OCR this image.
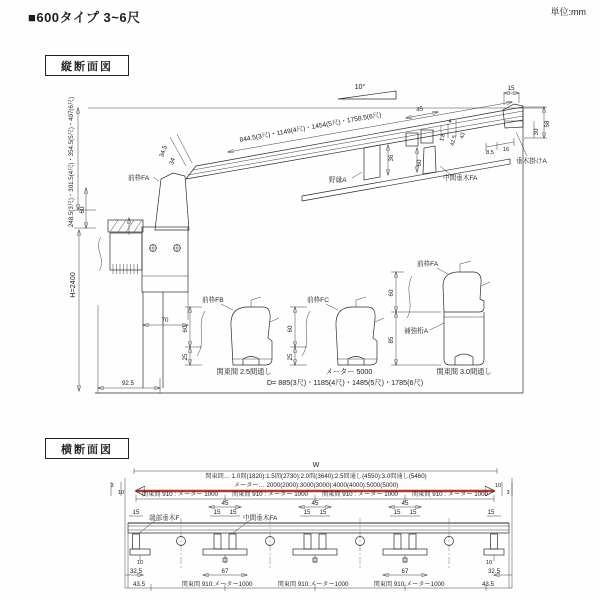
■600タイプ 3~6尺	単位:mm
縦断面図
248.5(3尺)・301.5(4尺)・354.5(5尺)・407(6尺) 60
H=2400
92.5
70
前枠FA
34.5
34
844.5(3尺)・1149(4尺)・1454(5尺)・1758.5(6尺)
10°
野縁A
36
45
4
1.8 42.5 43
60
中間垂木FA
15
58
30
8.5 16
垂木掛けA
前枠FB
60
25
関東間 2.5間通し
前枠FC
60
25
メーター 5000
前枠FA
60
85
補強桁A
関東間 3.0間通し
D= 885(3尺)・1185(4尺)・1485(5尺)・1785(6尺)
横断面図
W
関東間… 1.0間(1820):1.5間(2730):2.0間(3640):2.5間通し(4550):3.0間通し(5460)
メーター… 2000(2000):3000(3000):4000(4000):5000(5000)
3
10
10
3
関東間 910 : メーター 1000 関東間 910 : メーター 1000 関東間 910 : メーター 1000 関東間 910 : メーター 1000
45	45	45
15	15 15	15 15	15 15	15
端部垂木F	中間垂木FA
10	10
32.5	32.5
67	67
43.5	43.5
関東間 910:メーター1000	関東間 910:メーター1000	関東間 910:メーター1000
